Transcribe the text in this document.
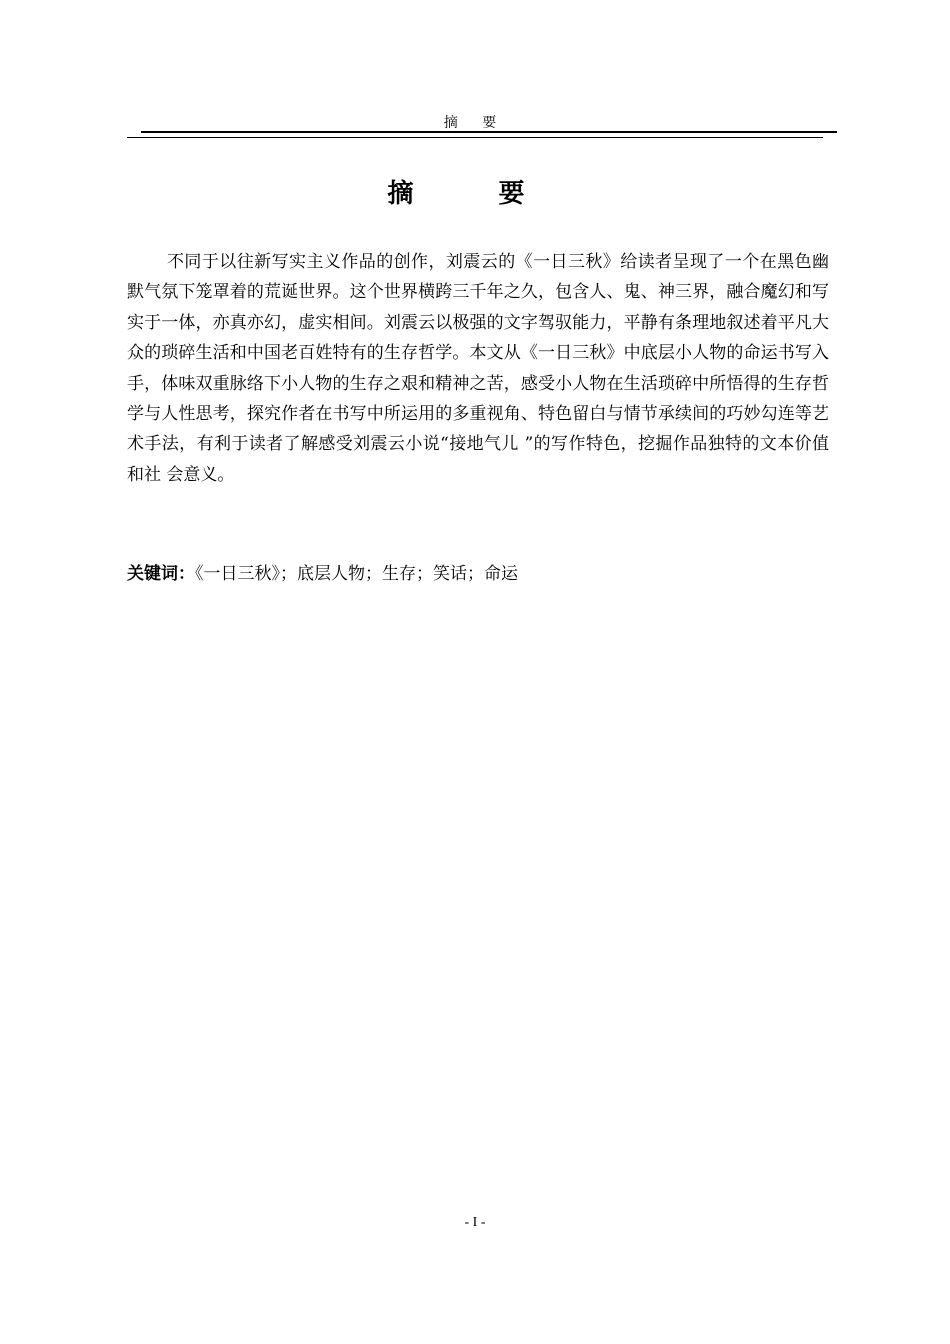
摘 要
摘 要

不同于以往新写实主义作品的创作，刘震云的《一日三秋》给读者呈现了一个在黑色幽默气氛下笼罩着的荒诞世界。这个世界横跨三千年之久，包含人、鬼、神三界，融合魔幻和写实于一体，亦真亦幻，虚实相间。刘震云以极强的文字驾驭能力，平静有条理地叙述着平凡大众的琐碎生活和中国老百姓特有的生存哲学。本文从《一日三秋》中底层小人物的命运书写入手，体味双重脉络下小人物的生存之艰和精神之苦，感受小人物在生活琐碎中所悟得的生存哲学与人性思考，探究作者在书写中所运用的多重视角、特色留白与情节承续间的巧妙勾连等艺术手法，有利于读者了解感受刘震云小说“接地气儿 ”的写作特色，挖掘作品独特的文本价值和社 会意义。

关键词：《一日三秋》；底层人物；生存；笑话；命运
- I -
